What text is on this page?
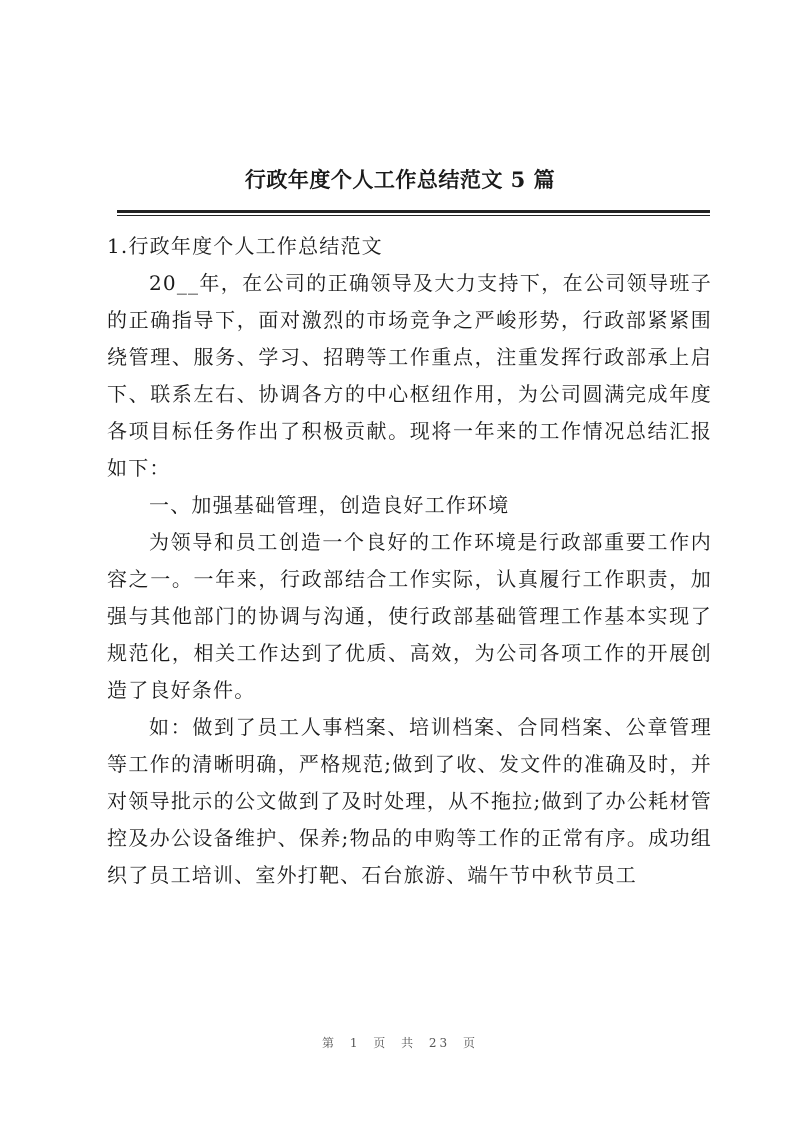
行政年度个人工作总结范文 5 篇

1.行政年度个人工作总结范文

20__年，在公司的正确领导及大力支持下，在公司领导班子的正确指导下，面对激烈的市场竞争之严峻形势，行政部紧紧围绕管理、服务、学习、招聘等工作重点，注重发挥行政部承上启下、联系左右、协调各方的中心枢纽作用，为公司圆满完成年度各项目标任务作出了积极贡献。现将一年来的工作情况总结汇报如下：

一、加强基础管理，创造良好工作环境

为领导和员工创造一个良好的工作环境是行政部重要工作内容之一。一年来，行政部结合工作实际，认真履行工作职责，加强与其他部门的协调与沟通，使行政部基础管理工作基本实现了规范化，相关工作达到了优质、高效，为公司各项工作的开展创造了良好条件。

如：做到了员工人事档案、培训档案、合同档案、公章管理等工作的清晰明确，严格规范;做到了收、发文件的准确及时，并对领导批示的公文做到了及时处理，从不拖拉;做到了办公耗材管控及办公设备维护、保养;物品的申购等工作的正常有序。成功组织了员工培训、室外打靶、石台旅游、端午节中秋节员工

第 1 页 共 23 页
